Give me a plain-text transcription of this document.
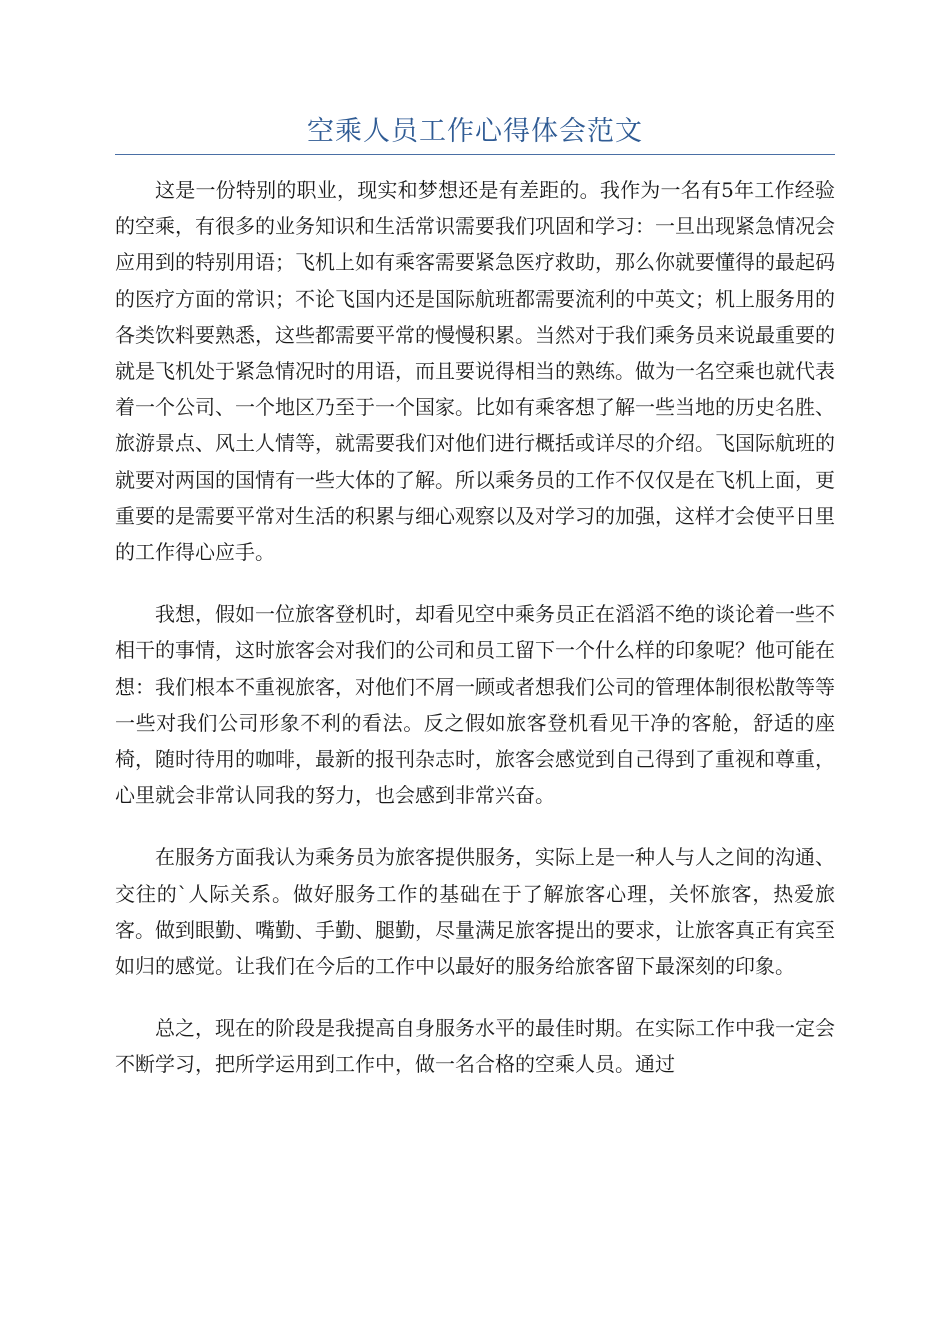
空乘人员工作心得体会范文

这是一份特别的职业，现实和梦想还是有差距的。我作为一名有5年工作经验的空乘，有很多的业务知识和生活常识需要我们巩固和学习：一旦出现紧急情况会应用到的特别用语；飞机上如有乘客需要紧急医疗救助，那么你就要懂得的最起码的医疗方面的常识；不论飞国内还是国际航班都需要流利的中英文；机上服务用的各类饮料要熟悉，这些都需要平常的慢慢积累。当然对于我们乘务员来说最重要的就是飞机处于紧急情况时的用语，而且要说得相当的熟练。做为一名空乘也就代表着一个公司、一个地区乃至于一个国家。比如有乘客想了解一些当地的历史名胜、旅游景点、风土人情等，就需要我们对他们进行概括或详尽的介绍。飞国际航班的就要对两国的国情有一些大体的了解。所以乘务员的工作不仅仅是在飞机上面，更重要的是需要平常对生活的积累与细心观察以及对学习的加强，这样才会使平日里的工作得心应手。

我想，假如一位旅客登机时，却看见空中乘务员正在滔滔不绝的谈论着一些不相干的事情，这时旅客会对我们的公司和员工留下一个什么样的印象呢？他可能在想：我们根本不重视旅客，对他们不屑一顾或者想我们公司的管理体制很松散等等一些对我们公司形象不利的看法。反之假如旅客登机看见干净的客舱，舒适的座椅，随时待用的咖啡，最新的报刊杂志时，旅客会感觉到自己得到了重视和尊重，心里就会非常认同我的努力，也会感到非常兴奋。

在服务方面我认为乘务员为旅客提供服务，实际上是一种人与人之间的沟通、交往的`人际关系。做好服务工作的基础在于了解旅客心理，关怀旅客，热爱旅客。做到眼勤、嘴勤、手勤、腿勤，尽量满足旅客提出的要求，让旅客真正有宾至如归的感觉。让我们在今后的工作中以最好的服务给旅客留下最深刻的印象。

总之，现在的阶段是我提高自身服务水平的最佳时期。在实际工作中我一定会不断学习，把所学运用到工作中，做一名合格的空乘人员。通过
